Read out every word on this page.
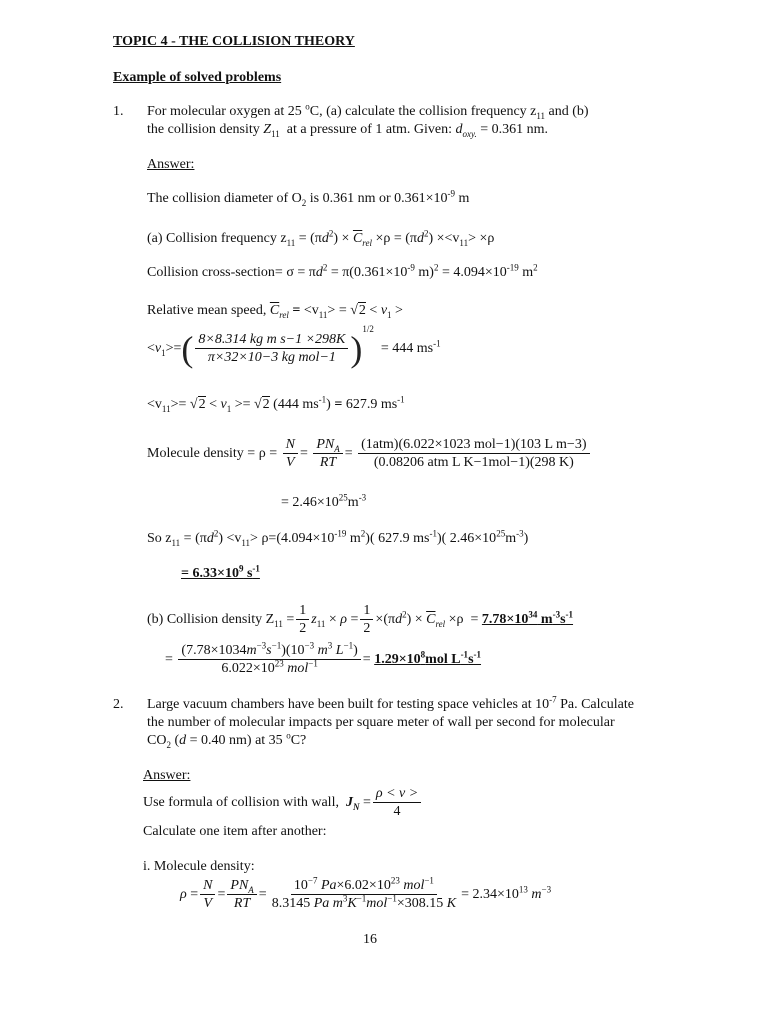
TOPIC 4 - THE COLLISION THEORY
Example of solved problems
1. For molecular oxygen at 25 $^o$C, (a) calculate the collision frequency $z_{11}$ and (b)
the collision density $Z_{11}$  at a pressure of 1 atm. Given: $d_{oxy.} = 0.361$ nm.
Answer:
The collision diameter of $O_2$ is 0.361 nm or $0.361\times 10^{-9}$ m
(a) Collision frequency $z_{11} = (\pi d^2) \times \overline{C}_{rel} \times\rho = (\pi d^2) \times<v_{11}> \times\rho$
Collision cross-section= $\sigma = \pi d^2 = \pi(0.361\times 10^{-9}$ $m)^2 = 4.094\times 10^{-19}$ $m^2$
Relative mean speed, $\overline{C}_{rel} = <v_{11}> = √2 < v_1$ >
$<v_1>=( \frac{\text{8×8.314 kg m s−1 ×298K}}{\text{π×32×10−3 kg mol−1}} )^{1/2} = 444$ $ms^{-1}$
$<v_{11}>= √2 < v_1 >= √2$ (444 $ms^{-1}) = 627.9$ $ms^{-1}$
Molecule density = $\rho = \frac{N}{V} = \frac{PN_A}{RT} = \frac{\text{(1atm)(6.022×1023 mol−1)(103 L m−3)}}{\text{(0.08206 atm L K−1mol−1)(298 K)}}$
= $2.46\times 10^{25}m^{-3}$
So $z_{11} = (\pi d^2) <v_{11}> \rho=(4.094\times 10^{-19}$ $m^2$)( 627.9 $ms^{-1}$)( $2.46\times 10^{25}m^{-3}$)
= $6.33\times 10^9$ $s^{-1}$
(b) Collision density $Z_{11} = \frac{1}{2} z_{11} \times \rho = \frac{1}{2} \times(\pi d^2) \times \overline{C}_{rel} \times\rho = 7.78\times 10^{34}$ $m^{-3}s^{-1}$
= $\frac{(7.78\times 1034m^{-3}s^{-1})(10^{-3} m^3 L^{-1})}{6.022\times 10^{23} mol^{-1}} = 1.29\times 10^8mol$ $L^{-1}s^{-1}$
2. Large vacuum chambers have been built for testing space vehicles at $10^{-7}$ Pa. Calculate
the number of molecular impacts per square meter of wall per second for molecular
$CO_2$ (d = 0.40 nm) at 35 $^o$C?
Answer:
Use formula of collision with wall, $J_N = \frac{\rho < v >}{4}$
Calculate one item after another:
i. Molecule density:
$\rho = \frac{N}{V} = \frac{PN_A}{RT} = \frac{10^{-7} Pa\times 6.02\times 10^{23} mol^{-1}}{8.3145 Pa m^3K^{-1}mol^{-1}\times 308.15 K} = 2.34\times 10^{13}$ $m^{-3}$
16
